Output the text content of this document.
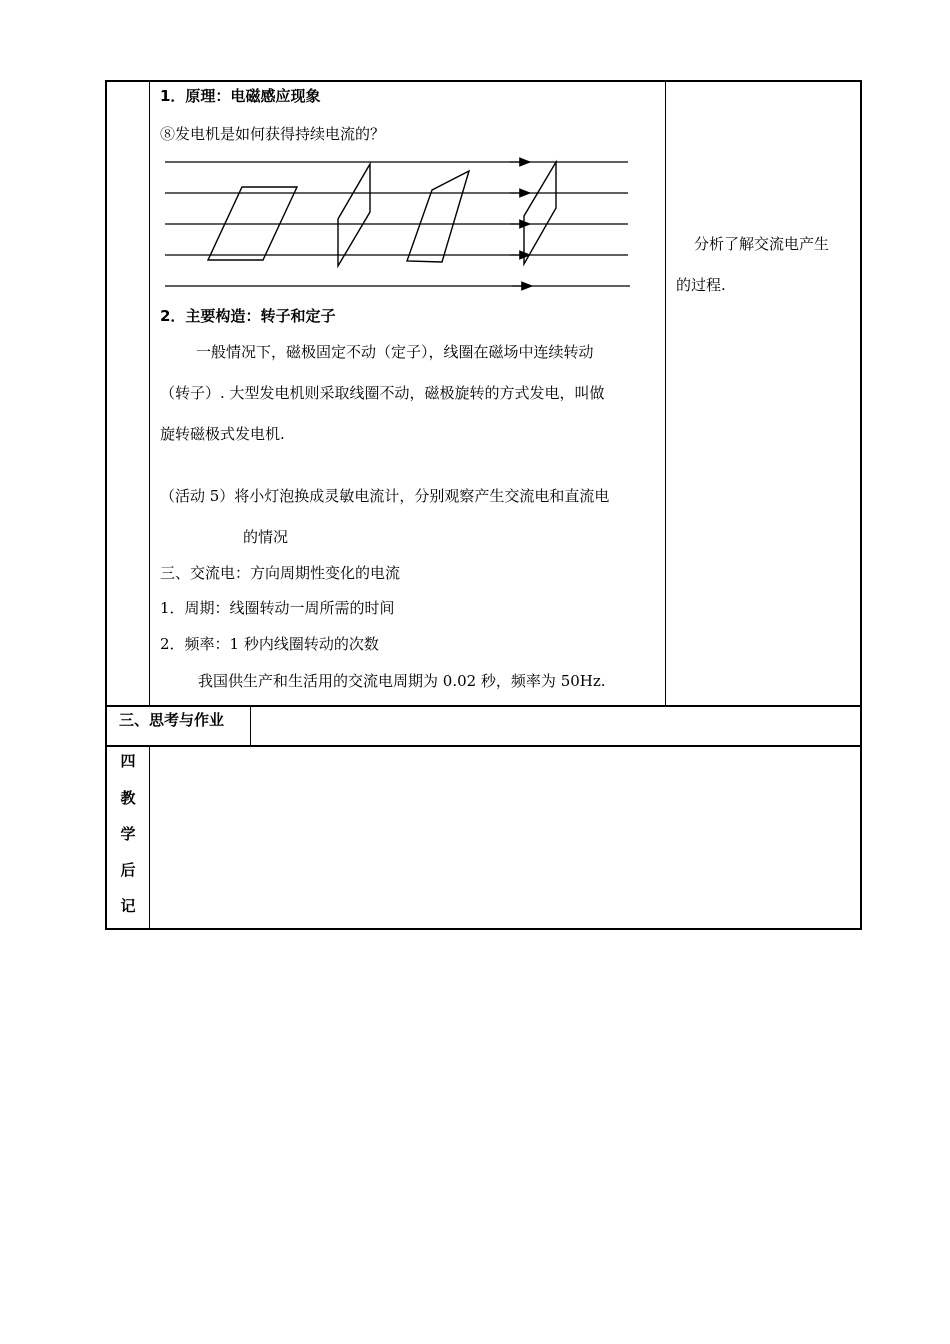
1．原理：电磁感应现象
⑧发电机是如何获得持续电流的？
2．主要构造：转子和定子
一般情况下，磁极固定不动（定子），线圈在磁场中连续转动
（转子）. 大型发电机则采取线圈不动，磁极旋转的方式发电，叫做
旋转磁极式发电机.
（活动 5）将小灯泡换成灵敏电流计，分别观察产生交流电和直流电
的情况
三、交流电：方向周期性变化的电流
1．周期：线圈转动一周所需的时间
2．频率：1 秒内线圈转动的次数
我国供生产和生活用的交流电周期为 0.02 秒，频率为 50Hz.
分析了解交流电产生
的过程.
三、思考与作业
四
教
学
后
记
